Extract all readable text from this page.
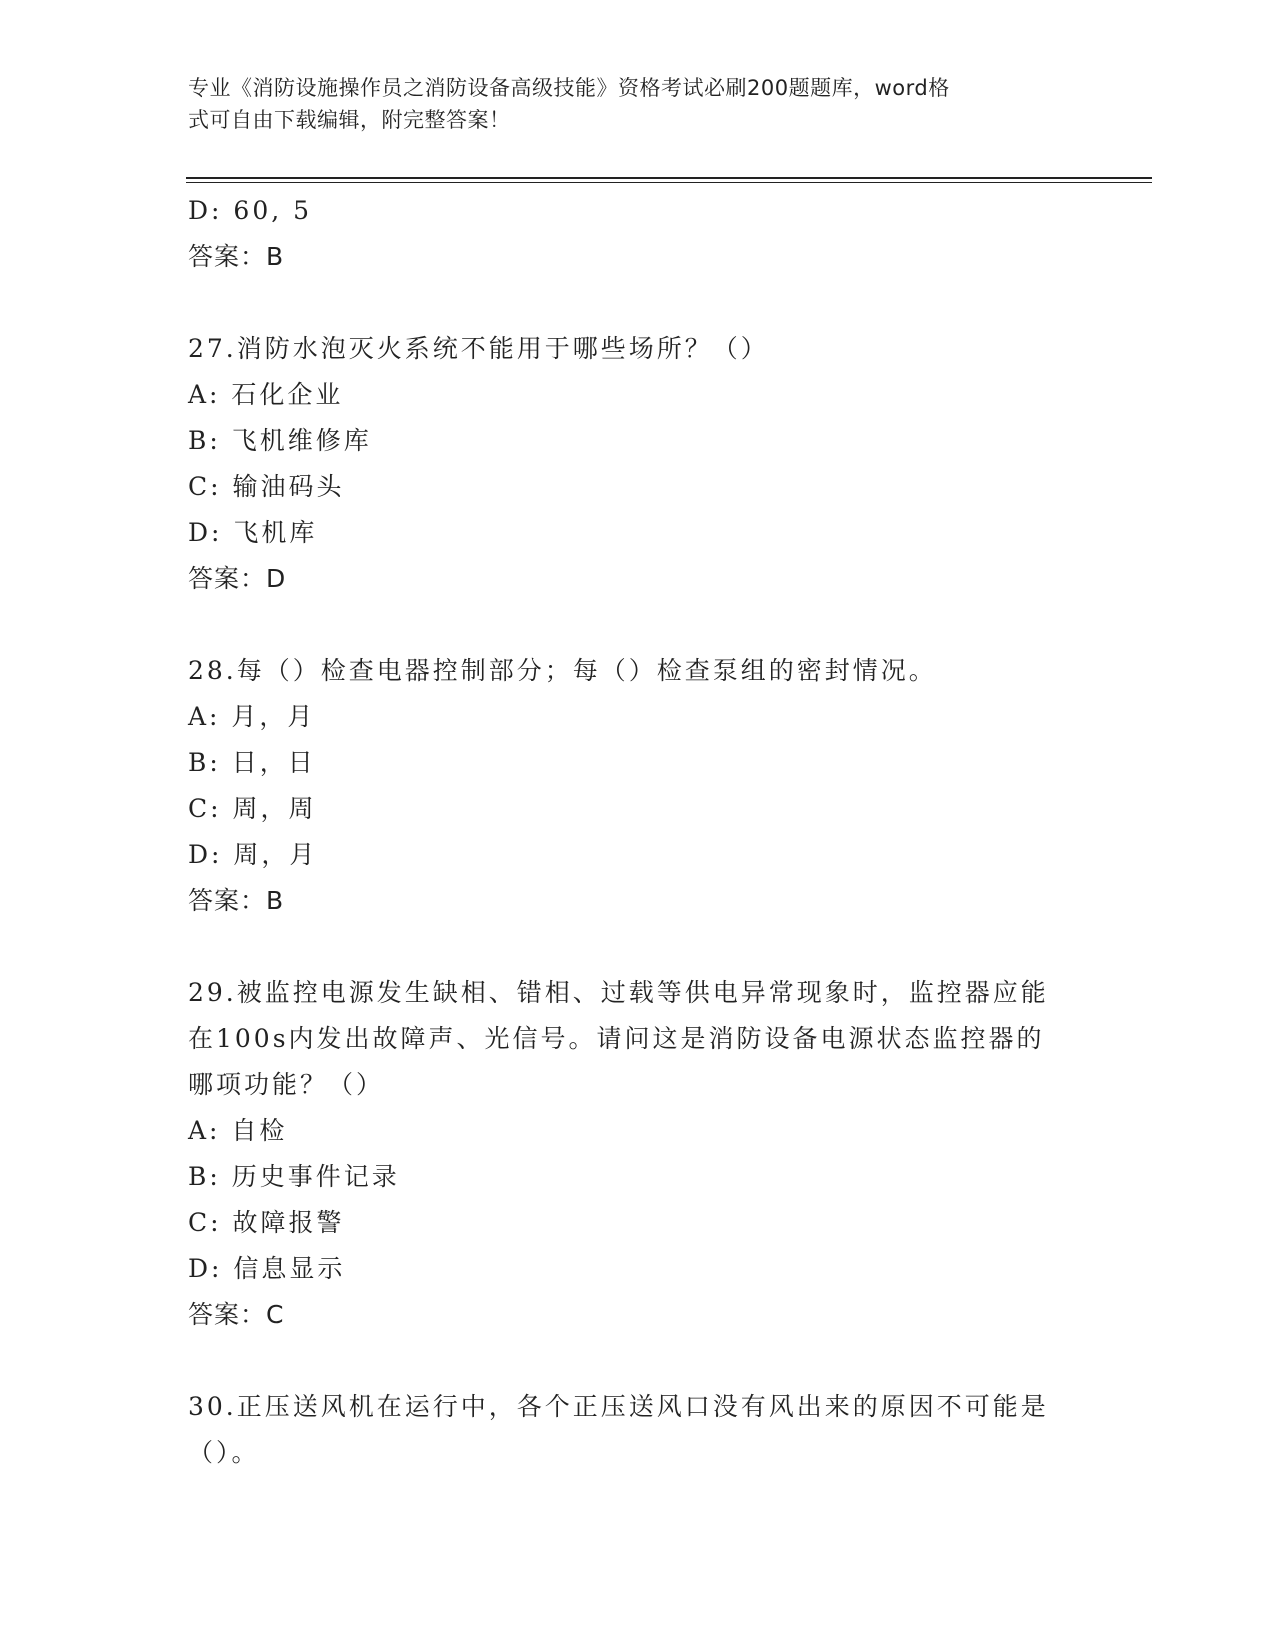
专业《消防设施操作员之消防设备高级技能》资格考试必刷200题题库，word格
式可自由下载编辑，附完整答案！
D: 60, 5
答案：B
27.消防水泡灭火系统不能用于哪些场所？（）
A: 石化企业
B: 飞机维修库
C: 输油码头
D: 飞机库
答案：D
28.每（）检查电器控制部分；每（）检查泵组的密封情况。
A: 月，月
B: 日，日
C: 周，周
D: 周，月
答案：B
29.被监控电源发生缺相、错相、过载等供电异常现象时，监控器应能
在100s内发出故障声、光信号。请问这是消防设备电源状态监控器的
哪项功能？（）
A: 自检
B: 历史事件记录
C: 故障报警
D: 信息显示
答案：C
30.正压送风机在运行中，各个正压送风口没有风出来的原因不可能是
（）。
